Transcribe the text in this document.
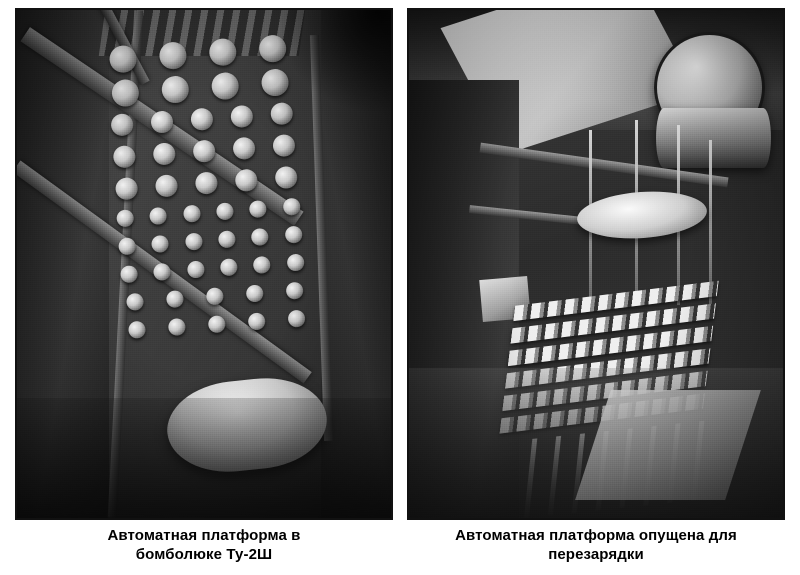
Автоматная платформа в
бомболюке Ту-2Ш
Автоматная платформа опущена для
перезарядки
